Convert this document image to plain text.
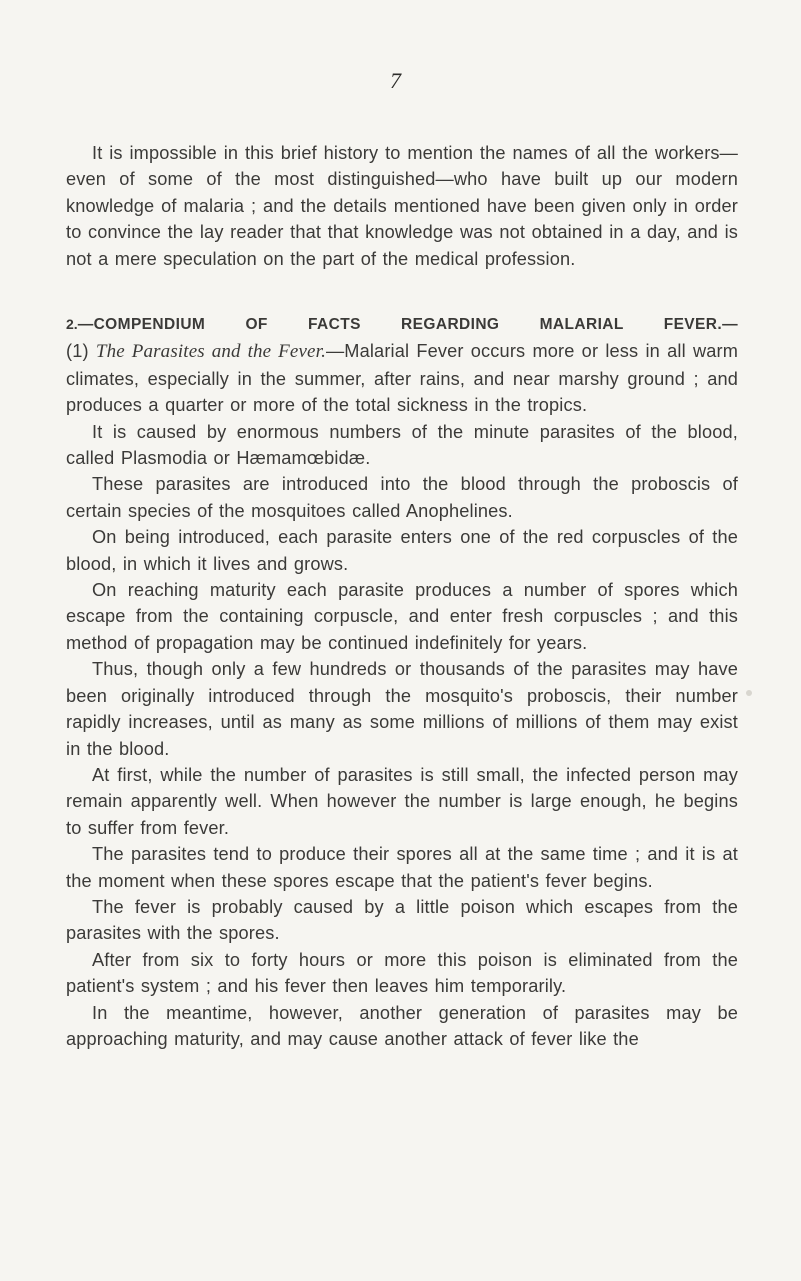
7

It is impossible in this brief history to mention the names of all the workers—even of some of the most distinguished—who have built up our modern knowledge of malaria ; and the details mentioned have been given only in order to convince the lay reader that that knowledge was not obtained in a day, and is not a mere speculation on the part of the medical profession.

2.—COMPENDIUM OF FACTS REGARDING MALARIAL FEVER.—

(1) The Parasites and the Fever.—Malarial Fever occurs more or less in all warm climates, especially in the summer, after rains, and near marshy ground ; and produces a quarter or more of the total sickness in the tropics.

It is caused by enormous numbers of the minute parasites of the blood, called Plasmodia or Hæmamœbidæ.

These parasites are introduced into the blood through the proboscis of certain species of the mosquitoes called Anophelines.

On being introduced, each parasite enters one of the red corpuscles of the blood, in which it lives and grows.

On reaching maturity each parasite produces a number of spores which escape from the containing corpuscle, and enter fresh corpuscles ; and this method of propagation may be continued indefinitely for years.

Thus, though only a few hundreds or thousands of the parasites may have been originally introduced through the mosquito's proboscis, their number rapidly increases, until as many as some millions of millions of them may exist in the blood.

At first, while the number of parasites is still small, the infected person may remain apparently well. When however the number is large enough, he begins to suffer from fever.

The parasites tend to produce their spores all at the same time ; and it is at the moment when these spores escape that the patient's fever begins.

The fever is probably caused by a little poison which escapes from the parasites with the spores.

After from six to forty hours or more this poison is eliminated from the patient's system ; and his fever then leaves him temporarily.

In the meantime, however, another generation of parasites may be approaching maturity, and may cause another attack of fever like the
